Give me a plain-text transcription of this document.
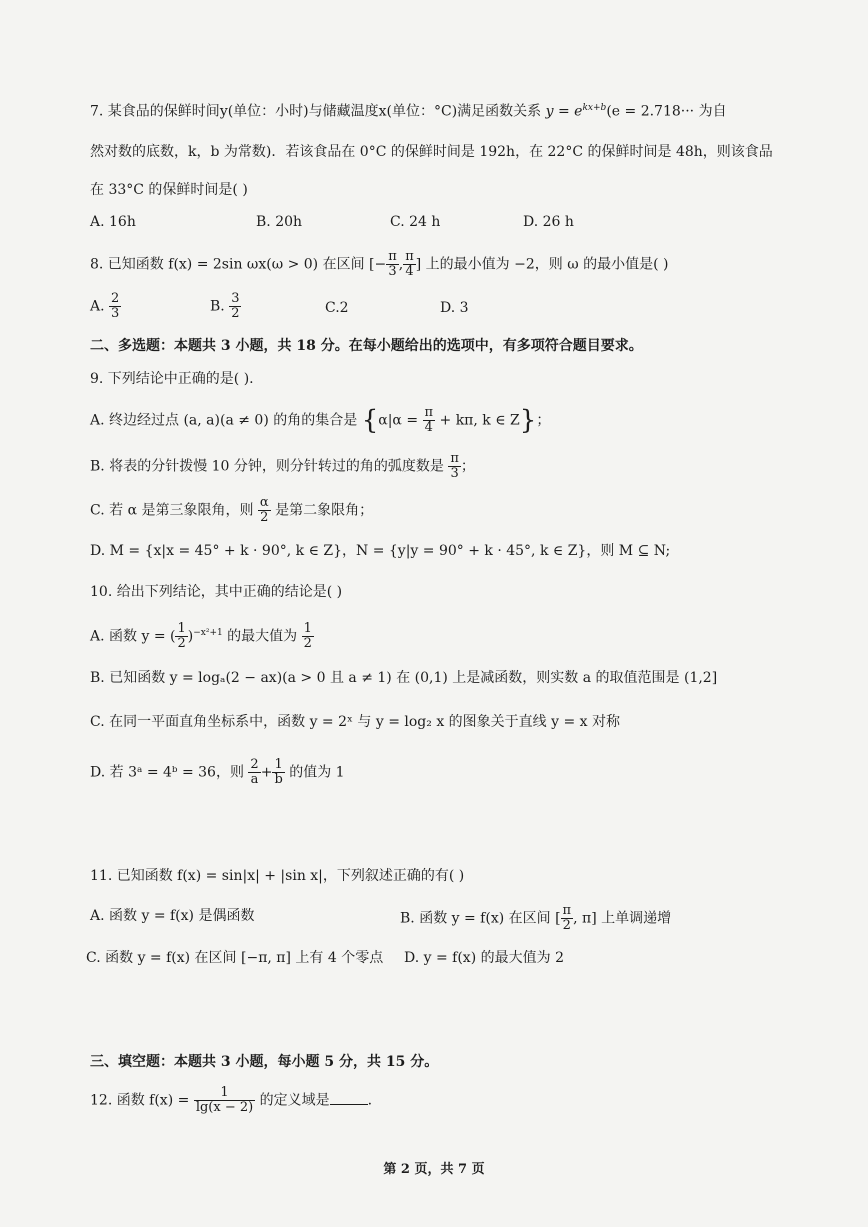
7. 某食品的保鲜时间y(单位：小时)与储藏温度x(单位：°C)满足函数关系 $y = e^{kx+b}(e = 2.718\cdot\cdot\cdot$ 为自
然对数的底数，k，b 为常数)．若该食品在 0°C 的保鲜时间是 192h，在 22°C 的保鲜时间是 48h，则该食品
在 33°C 的保鲜时间是( )
A. 16h	B. 20h	C. 24 h	D. 26 h
8. 已知函数 f(x) = 2sin ωx(ω > 0) 在区间 [− $\frac{\pi}{3}$ , $\frac{\pi}{4}$ ] 上的最小值为 −2，则 ω 的最小值是( )
A. $\frac{2}{3}$	B. $\frac{3}{2}$	C.2	D. 3
二、多选题：本题共 3 小题，共 18 分。在每小题给出的选项中，有多项符合题目要求。
9. 下列结论中正确的是( ).
A. 终边经过点 (a, a)(a ≠ 0) 的角的集合是 {$\alpha|\alpha = \frac{\pi}{4} + k\pi$, k ∈ Z}；
B. 将表的分针拨慢 10 分钟，则分针转过的角的弧度数是 $\frac{\pi}{3}$ ；
C. 若 α 是第三象限角，则 $\frac{\alpha}{2}$ 是第二象限角；
D. M = {x|x = 45° + k · 90°, k ∈ Z}，N = {y|y = 90° + k · 45°, k ∈ Z}，则 M ⊆ N;
10. 给出下列结论，其中正确的结论是( )
A. 函数 y = ( $\frac{1}{2} )^{-x^2+1}$ 的最大值为 $\frac{1}{2}$
B. 已知函数 y = logₐ(2 − ax)(a > 0 且 a ≠ 1) 在 (0,1) 上是减函数，则实数 a 的取值范围是 (1,2]
C. 在同一平面直角坐标系中，函数 y = 2ˣ 与 y = log₂ x 的图象关于直线 y = x 对称
D. 若 3ᵃ = 4ᵇ = 36，则 $\frac{2}{a} + \frac{1}{b}$ 的值为 1
11. 已知函数 f(x) = sin|x| + |sin x|，下列叙述正确的有( )
A. 函数 y = f(x) 是偶函数	B. 函数 y = f(x) 在区间 [ $\frac{\pi}{2}$ , π] 上单调递增
C. 函数 y = f(x) 在区间 [−π, π] 上有 4 个零点 D. y = f(x) 的最大值为 2
三、填空题：本题共 3 小题，每小题 5 分，共 15 分。
12. 函数 $f(x) = \frac{1}{\lg(x - 2)}$ 的定义域是	.
第 2 页，共 7 页
